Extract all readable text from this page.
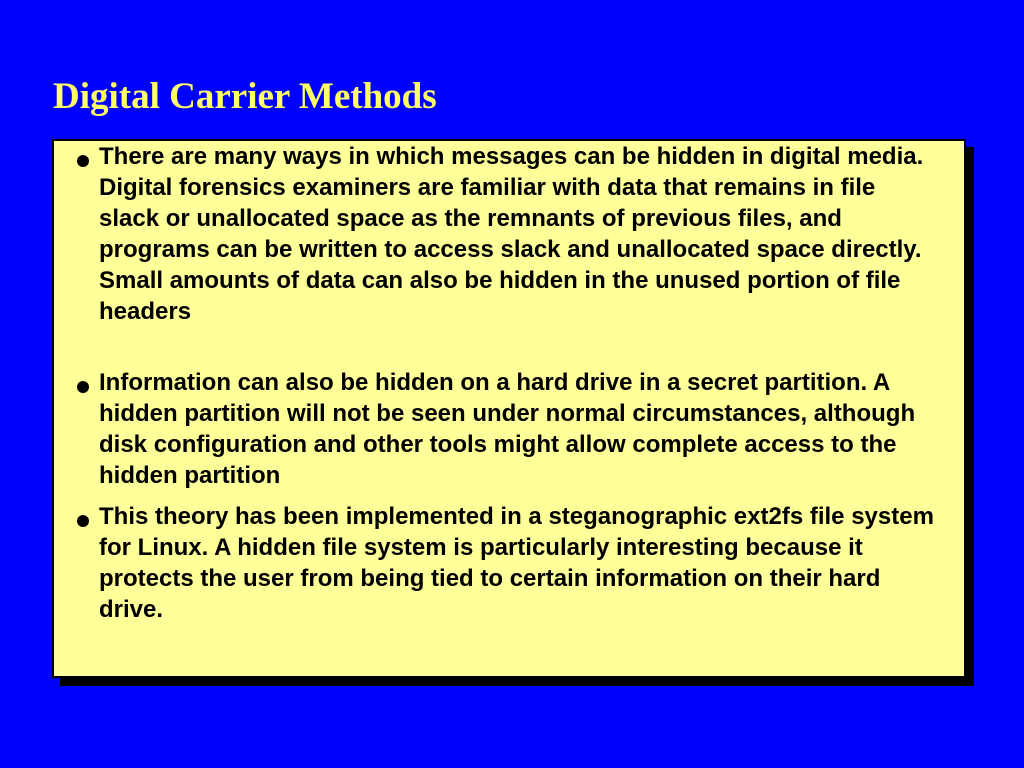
Digital Carrier Methods
There are many ways in which messages can be hidden in digital media. Digital forensics examiners are familiar with data that remains in file slack or unallocated space as the remnants of previous files, and programs can be written to access slack and unallocated space directly. Small amounts of data can also be hidden in the unused portion of file headers
Information can also be hidden on a hard drive in a secret partition. A hidden partition will not be seen under normal circumstances, although disk configuration and other tools might allow complete access to the hidden partition
This theory has been implemented in a steganographic ext2fs file system for Linux. A hidden file system is particularly interesting because it protects the user from being tied to certain information on their hard drive.
